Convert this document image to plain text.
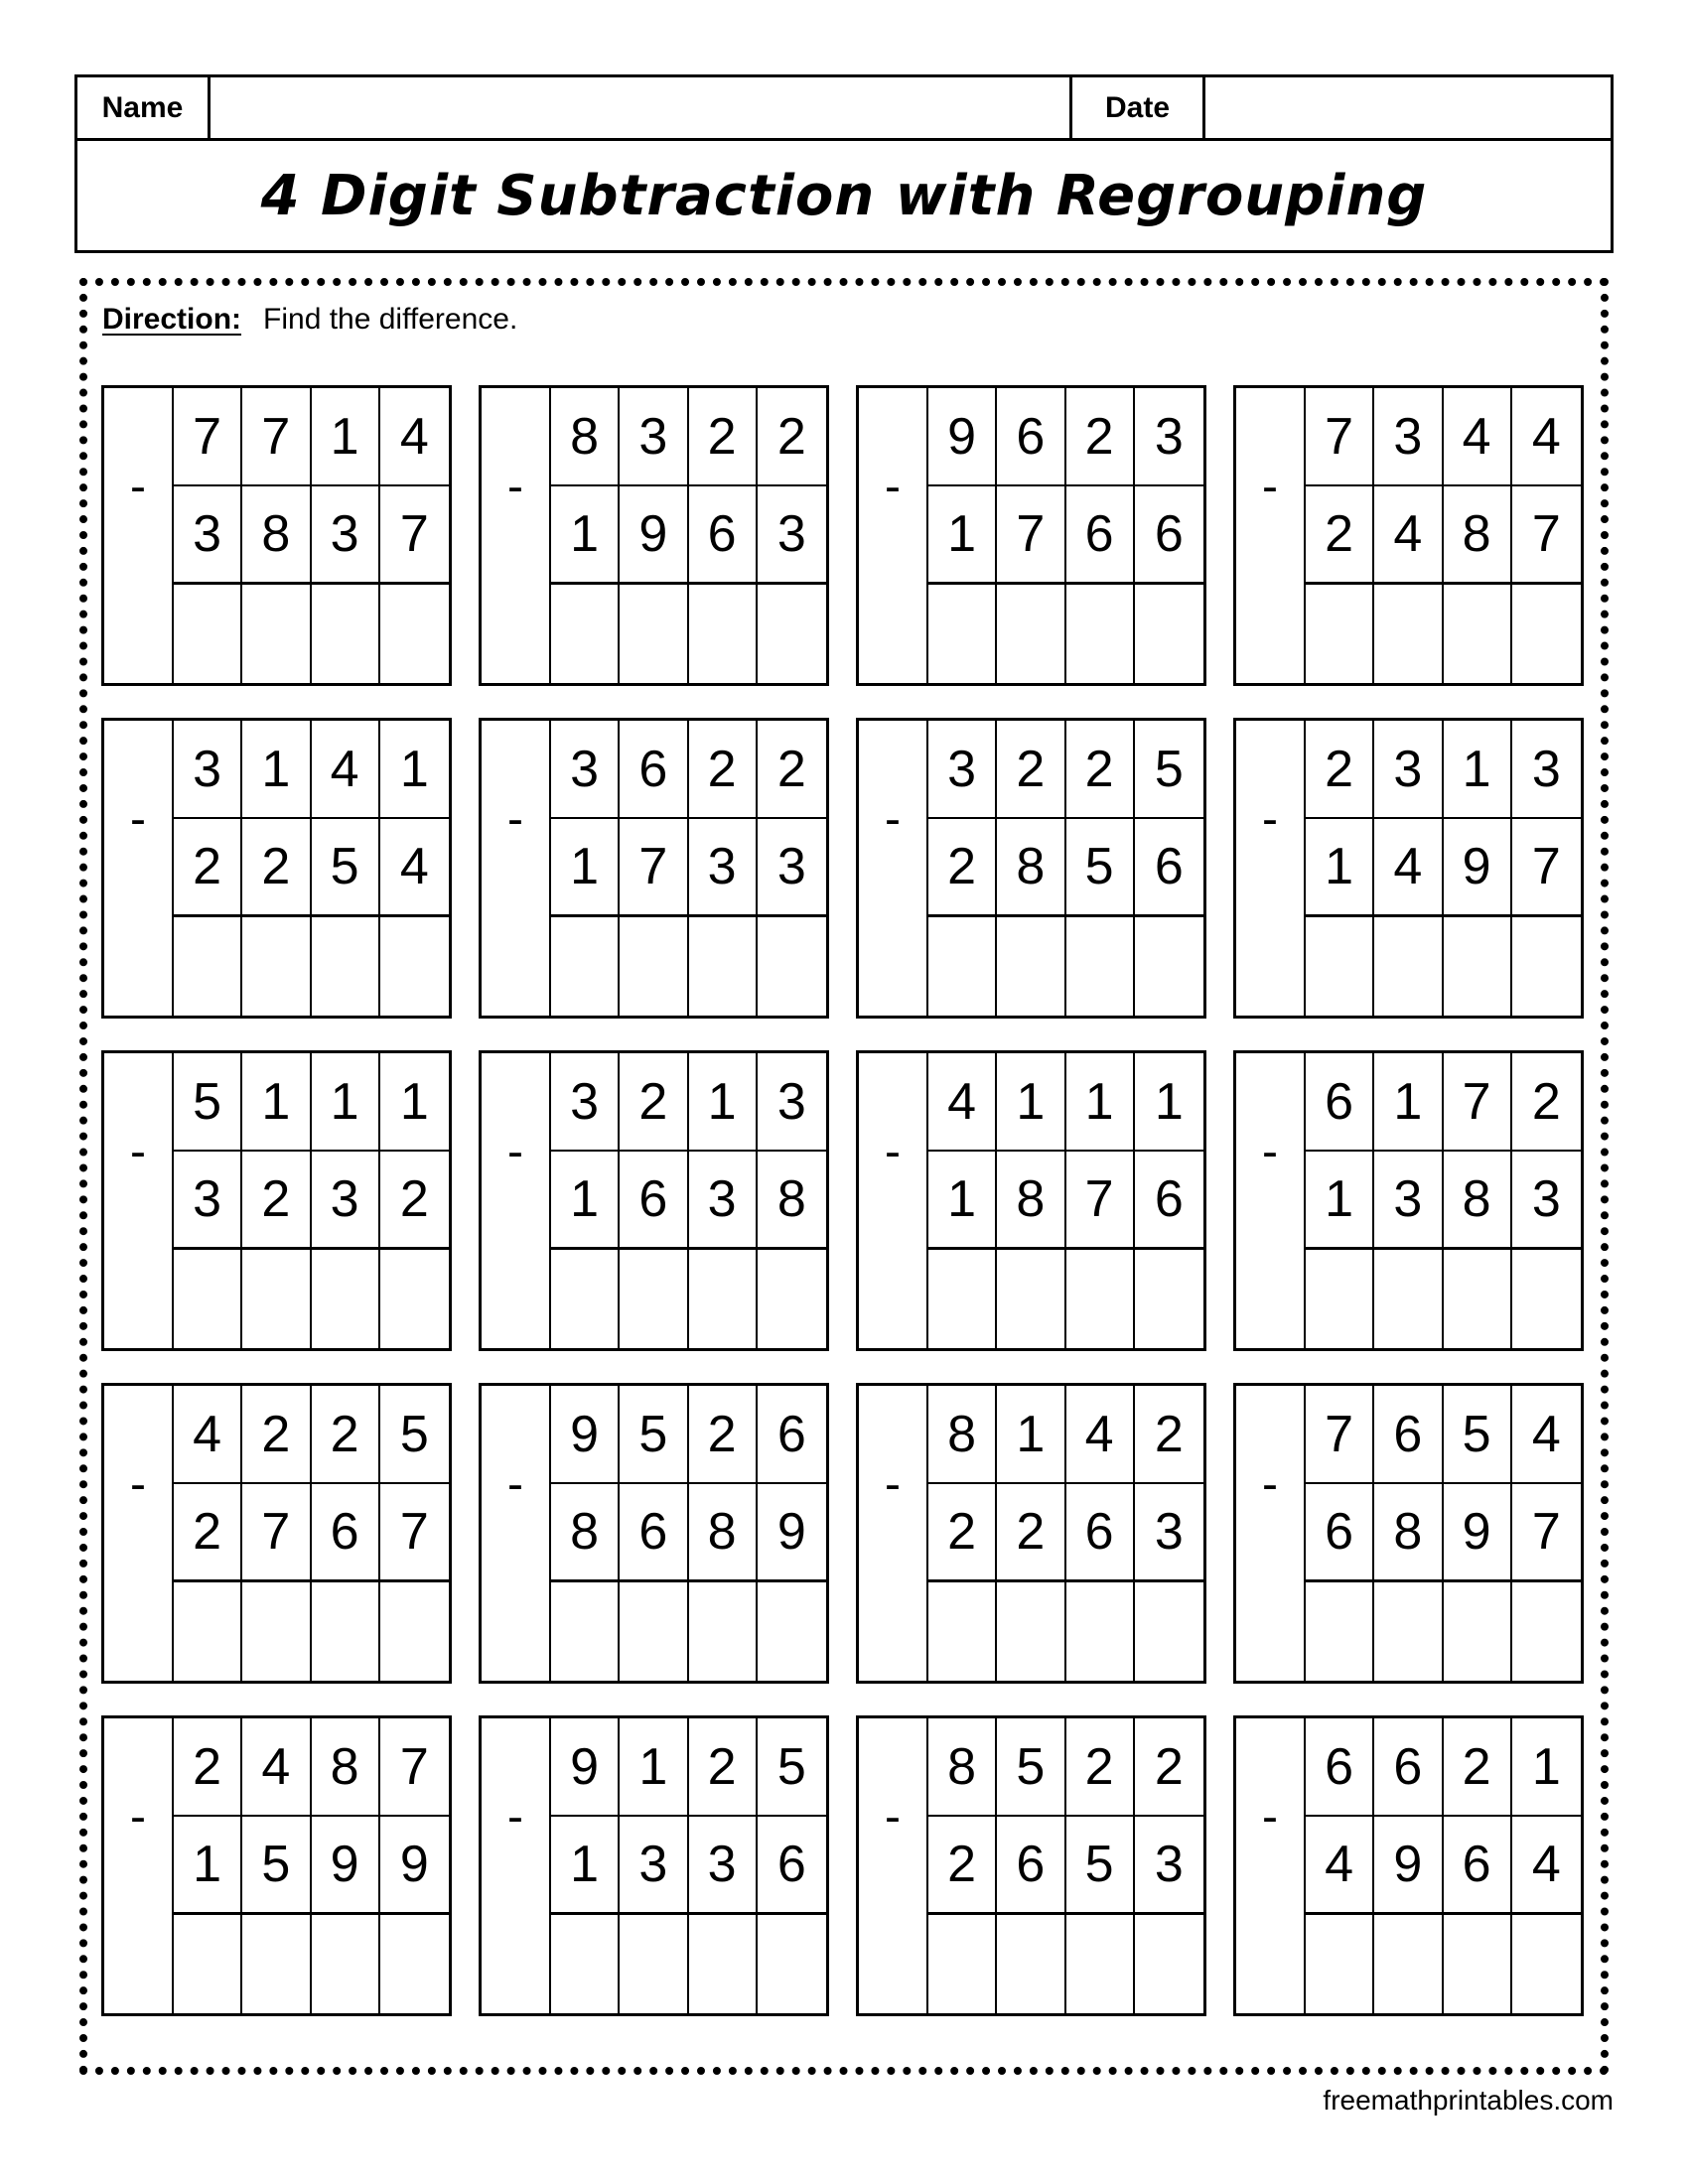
Name	Date
4 Digit Subtraction with Regrouping
Direction: Find the difference.
-
7 7 1 4
3 8 3 7
-
8 3 2 2
1 9 6 3
-
9 6 2 3
1 7 6 6
-
7 3 4 4
2 4 8 7
-
3 1 4 1
2 2 5 4
-
3 6 2 2
1 7 3 3
-
3 2 2 5
2 8 5 6
-
2 3 1 3
1 4 9 7
-
5 1 1 1
3 2 3 2
-
3 2 1 3
1 6 3 8
-
4 1 1 1
1 8 7 6
-
6 1 7 2
1 3 8 3
-
4 2 2 5
2 7 6 7
-
9 5 2 6
8 6 8 9
-
8 1 4 2
2 2 6 3
-
7 6 5 4
6 8 9 7
-
2 4 8 7
1 5 9 9
-
9 1 2 5
1 3 3 6
-
8 5 2 2
2 6 5 3
-
6 6 2 1
4 9 6 4
freemathprintables.com
